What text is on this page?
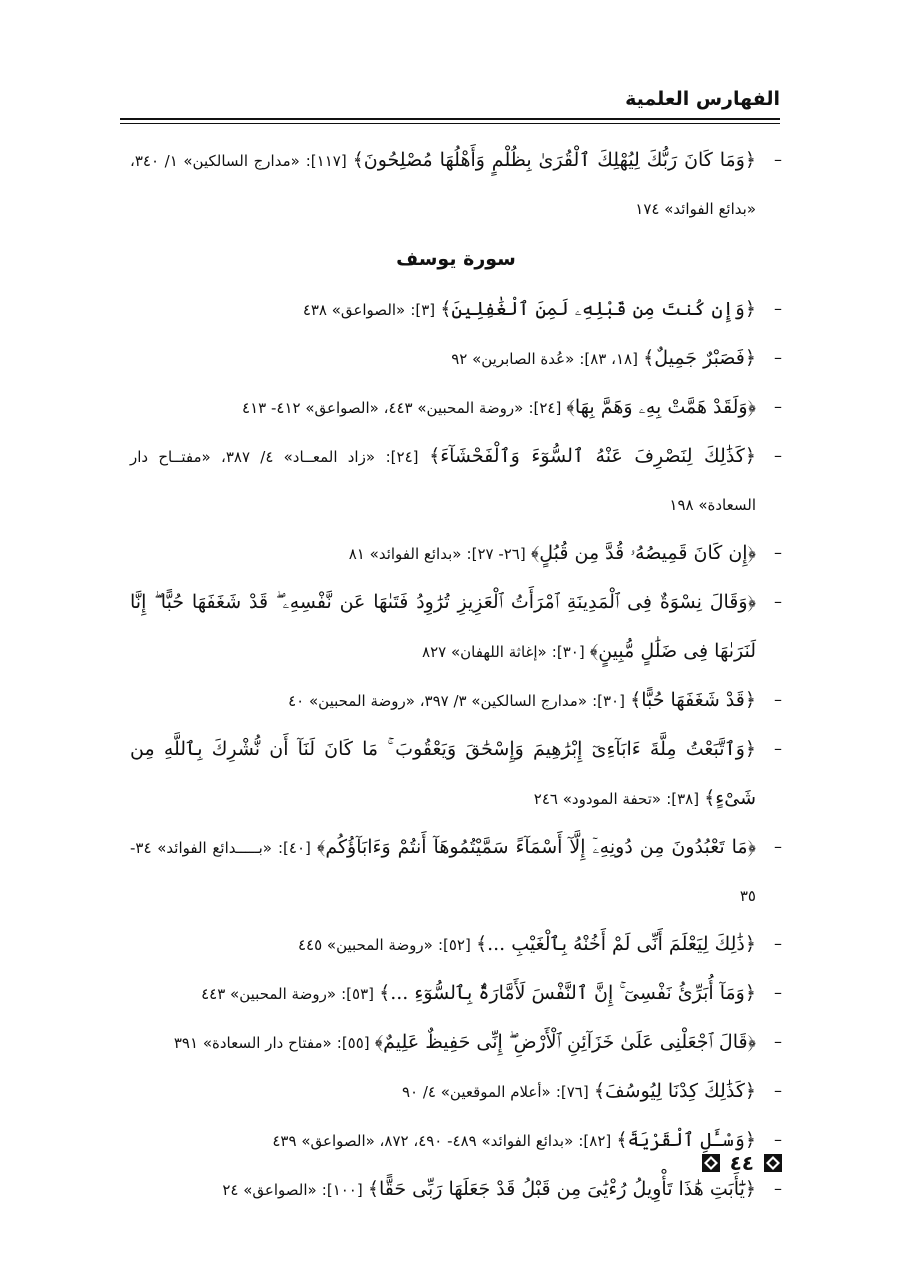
الفهارس العلمية
–
﴿وَمَا كَانَ رَبُّكَ لِيُهْلِكَ ٱلْقُرَىٰ بِظُلْمٍ وَأَهْلُهَا مُصْلِحُونَ﴾ [١١٧]: «مدارج السالكين» ١/ ٣٤٠، «بدائع الفوائد» ١٧٤
سورة يوسف
–
﴿وَإِن كُنتَ مِن قَبْلِهِۦ لَمِنَ ٱلْغَٰفِلِينَ﴾ [٣]: «الصواعق» ٤٣٨
–
﴿فَصَبْرٌ جَمِيلٌ﴾ [١٨، ٨٣]: «عُدة الصابرين» ٩٢
–
﴿وَلَقَدْ هَمَّتْ بِهِۦ وَهَمَّ بِهَا﴾ [٢٤]: «روضة المحبين» ٤٤٣، «الصواعق» ٤١٢- ٤١٣
–
﴿كَذَٰلِكَ لِنَصْرِفَ عَنْهُ ٱلسُّوٓءَ وَٱلْفَحْشَآءَ﴾ [٢٤]: «زاد المعــاد» ٤/ ٣٨٧، «مفتــاح دار السعادة» ١٩٨
–
﴿إِن كَانَ قَمِيصُهُۥ قُدَّ مِن قُبُلٍ﴾ [٢٦- ٢٧]: «بدائع الفوائد» ٨١
–
﴿وَقَالَ نِسْوَةٌ فِى ٱلْمَدِينَةِ ٱمْرَأَتُ ٱلْعَزِيزِ تُرَٰوِدُ فَتَىٰهَا عَن نَّفْسِهِۦ ۖ قَدْ شَغَفَهَا حُبًّا ۖ إِنَّا لَنَرَىٰهَا فِى ضَلَٰلٍ مُّبِينٍ﴾ [٣٠]: «إغاثة اللهفان» ٨٢٧
–
﴿قَدْ شَغَفَهَا حُبًّا﴾ [٣٠]: «مدارج السالكين» ٣/ ٣٩٧، «روضة المحبين» ٤٠
–
﴿وَٱتَّبَعْتُ مِلَّةَ ءَابَآءِىٓ إِبْرَٰهِيمَ وَإِسْحَٰقَ وَيَعْقُوبَ ۚ مَا كَانَ لَنَآ أَن نُّشْرِكَ بِٱللَّهِ مِن شَىْءٍ﴾ [٣٨]: «تحفة المودود» ٢٤٦
–
﴿مَا تَعْبُدُونَ مِن دُونِهِۦٓ إِلَّآ أَسْمَآءً سَمَّيْتُمُوهَآ أَنتُمْ وَءَابَآؤُكُم﴾ [٤٠]: «بـــــدائع الفوائد» ٣٤- ٣٥
–
﴿ذَٰلِكَ لِيَعْلَمَ أَنِّى لَمْ أَخُنْهُ بِٱلْغَيْبِ ...﴾ [٥٢]: «روضة المحبين» ٤٤٥
–
﴿وَمَآ أُبَرِّئُ نَفْسِىٓ ۚ إِنَّ ٱلنَّفْسَ لَأَمَّارَةٌۢ بِٱلسُّوٓءِ ...﴾ [٥٣]: «روضة المحبين» ٤٤٣
–
﴿قَالَ ٱجْعَلْنِى عَلَىٰ خَزَآئِنِ ٱلْأَرْضِ ۖ إِنِّى حَفِيظٌ عَلِيمٌ﴾ [٥٥]: «مفتاح دار السعادة» ٣٩١
–
﴿كَذَٰلِكَ كِدْنَا لِيُوسُفَ﴾ [٧٦]: «أعلام الموقعين» ٤/ ٩٠
–
﴿وَسْـَٔلِ ٱلْقَرْيَةَ﴾ [٨٢]: «بدائع الفوائد» ٤٨٩- ٤٩٠، ٨٧٢، «الصواعق» ٤٣٩
–
﴿يَٰٓأَبَتِ هَٰذَا تَأْوِيلُ رُءْيَٰىَ مِن قَبْلُ قَدْ جَعَلَهَا رَبِّى حَقًّا﴾ [١٠٠]: «الصواعق» ٢٤
٤٤
